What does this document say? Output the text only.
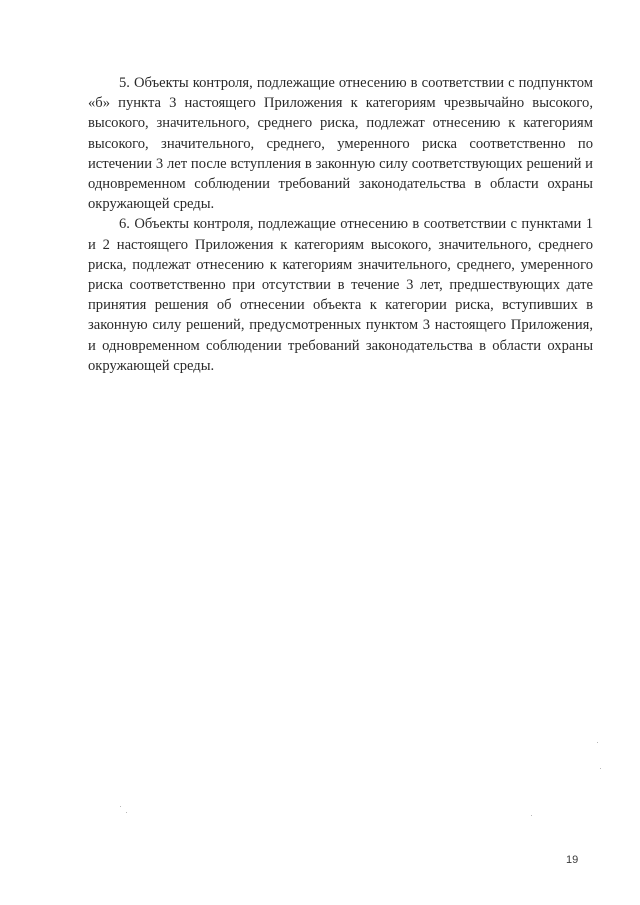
5. Объекты контроля, подлежащие отнесению в соответствии с подпунктом «б» пункта 3 настоящего Приложения к категориям чрезвычайно высокого, высокого, значительного, среднего риска, подлежат отнесению к категориям высокого, значительного, среднего, умеренного риска соответственно по истечении 3 лет после вступления в законную силу соответствующих решений и одновременном соблюдении требований законодательства в области охраны окружающей среды.

6. Объекты контроля, подлежащие отнесению в соответствии с пунктами 1 и 2 настоящего Приложения к категориям высокого, значительного, среднего риска, подлежат отнесению к категориям значительного, среднего, умеренного риска соответственно при отсутствии в течение 3 лет, предшествующих дате принятия решения об отнесении объекта к категории риска, вступивших в законную силу решений, предусмотренных пунктом 3 настоящего Приложения, и одновременном соблюдении требований законодательства в области охраны окружающей среды.

19
